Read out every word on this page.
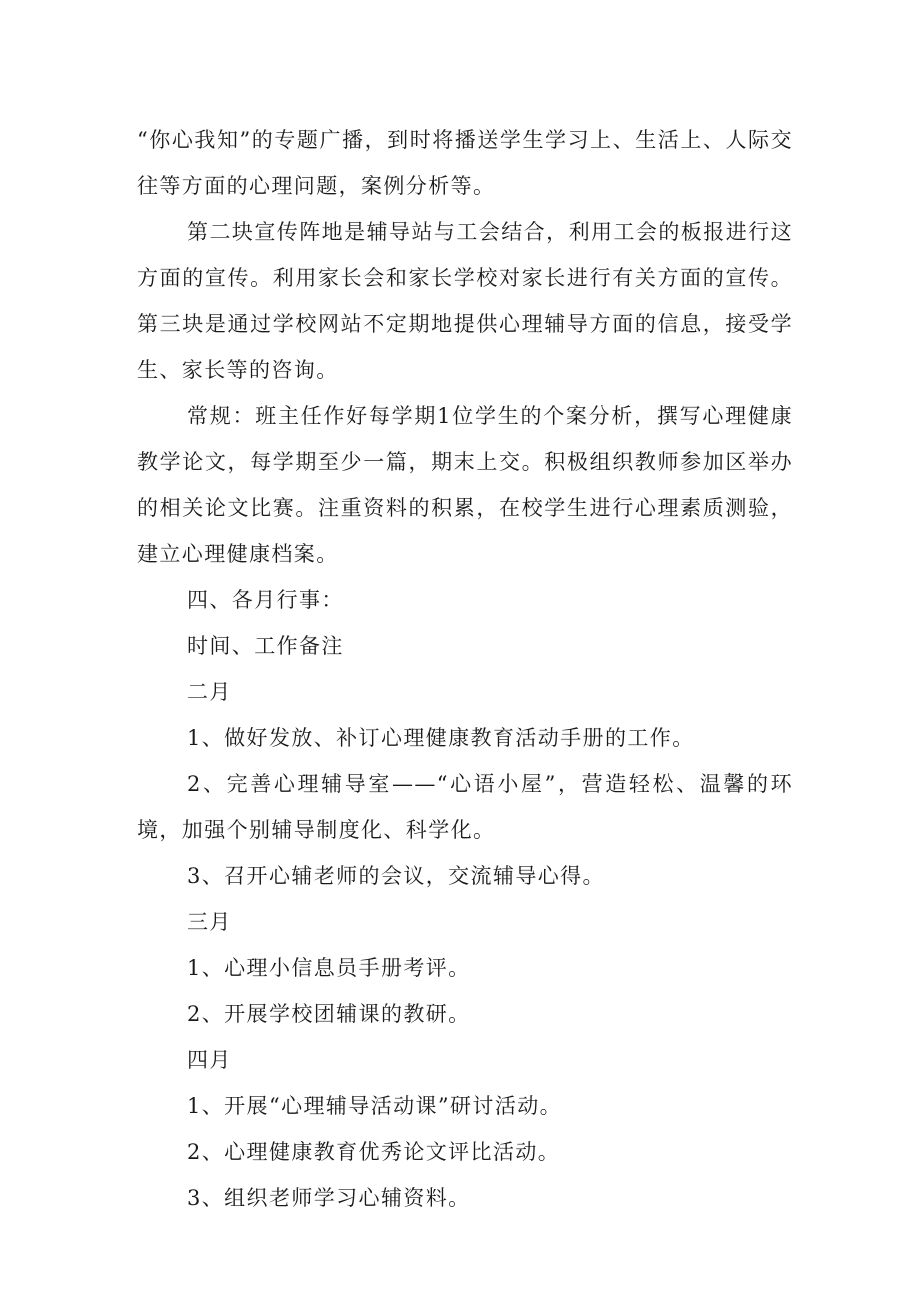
“你心我知”的专题广播，到时将播送学生学习上、生活上、人际交往等方面的心理问题，案例分析等。

第二块宣传阵地是辅导站与工会结合，利用工会的板报进行这方面的宣传。利用家长会和家长学校对家长进行有关方面的宣传。第三块是通过学校网站不定期地提供心理辅导方面的信息，接受学生、家长等的咨询。

常规：班主任作好每学期1位学生的个案分析，撰写心理健康教学论文，每学期至少一篇，期末上交。积极组织教师参加区举办的相关论文比赛。注重资料的积累，在校学生进行心理素质测验，建立心理健康档案。

四、各月行事：

时间、工作备注

二月

1、做好发放、补订心理健康教育活动手册的工作。

2、完善心理辅导室——“心语小屋”，营造轻松、温馨的环境，加强个别辅导制度化、科学化。

3、召开心辅老师的会议，交流辅导心得。

三月

1、心理小信息员手册考评。

2、开展学校团辅课的教研。

四月

1、开展“心理辅导活动课”研讨活动。

2、心理健康教育优秀论文评比活动。

3、组织老师学习心辅资料。
